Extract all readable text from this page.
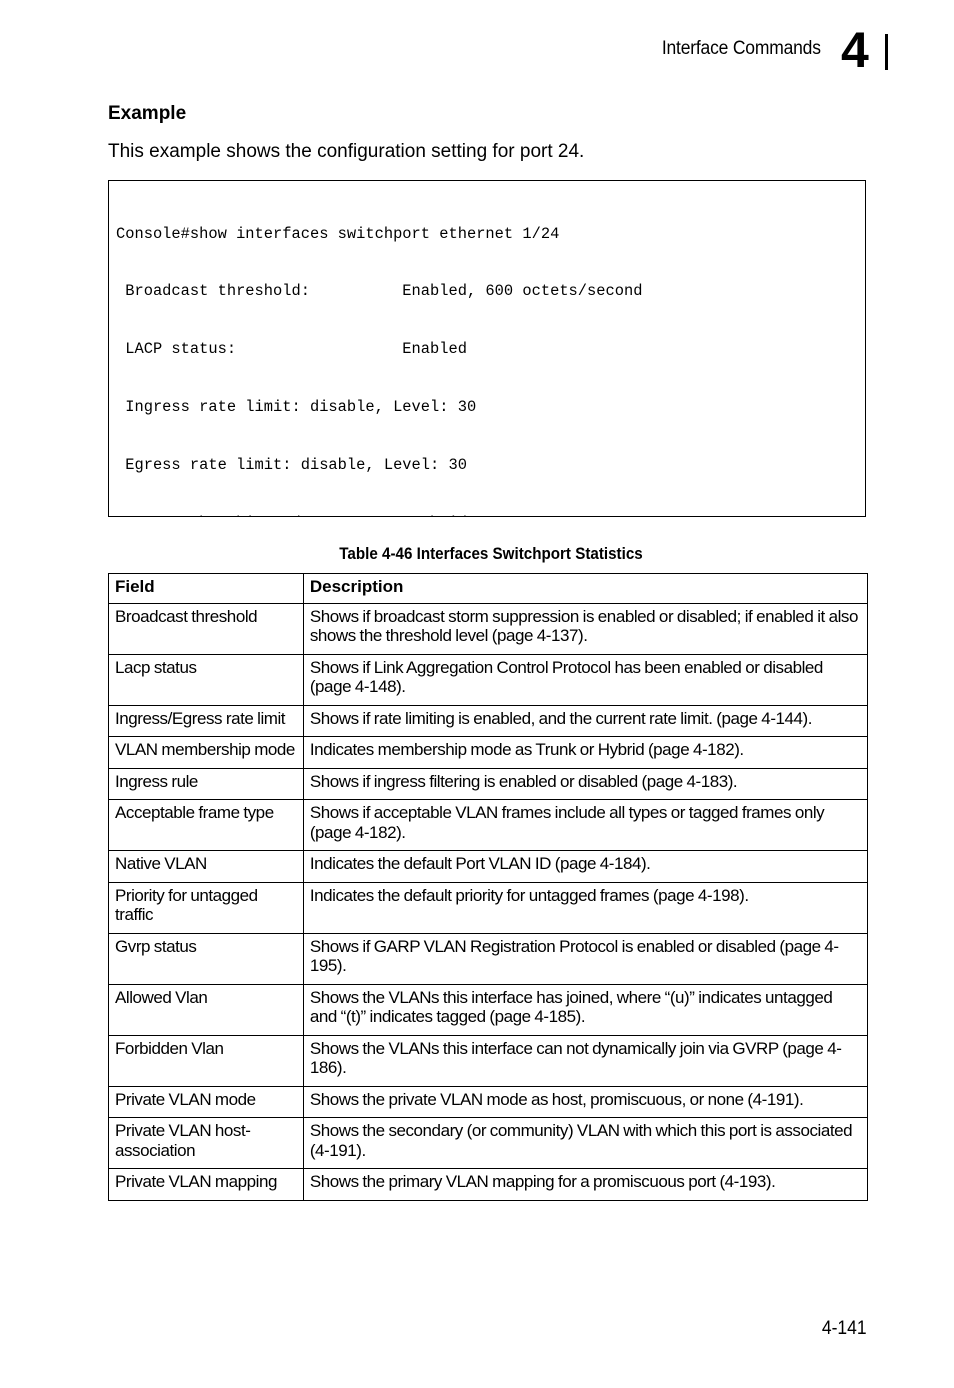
Interface Commands 4
Example
This example shows the configuration setting for port 24.

Console#show interfaces switchport ethernet 1/24

Broadcast threshold:          Enabled, 600 octets/second

LACP status:                  Enabled

Ingress rate limit: disable, Level: 30

Egress rate limit: disable, Level: 30

Table 4-46 Interfaces Switchport Statistics
Field	Description

Broadcast threshold	Shows if broadcast storm suppression is enabled or disabled; if enabled it also shows the threshold level (page 4-137).

Lacp status	Shows if Link Aggregation Control Protocol has been enabled or disabled (page 4-148).

Ingress/Egress rate limit	Shows if rate limiting is enabled, and the current rate limit. (page 4-144).

VLAN membership mode	Indicates membership mode as Trunk or Hybrid (page 4-182).

Ingress rule	Shows if ingress filtering is enabled or disabled (page 4-183).

Acceptable frame type	Shows if acceptable VLAN frames include all types or tagged frames only (page 4-182).

Native VLAN	Indicates the default Port VLAN ID (page 4-184).

Priority for untagged traffic	Indicates the default priority for untagged frames (page 4-198).

Gvrp status	Shows if GARP VLAN Registration Protocol is enabled or disabled (page 4-195).

Allowed Vlan	Shows the VLANs this interface has joined, where “(u)” indicates untagged and “(t)” indicates tagged (page 4-185).

Forbidden Vlan	Shows the VLANs this interface can not dynamically join via GVRP (page 4-186).

Private VLAN mode	Shows the private VLAN mode as host, promiscuous, or none (4-191).

Private VLAN host-association	Shows the secondary (or community) VLAN with which this port is associated (4-191).

Private VLAN mapping	Shows the primary VLAN mapping for a promiscuous port (4-193).
4-141
